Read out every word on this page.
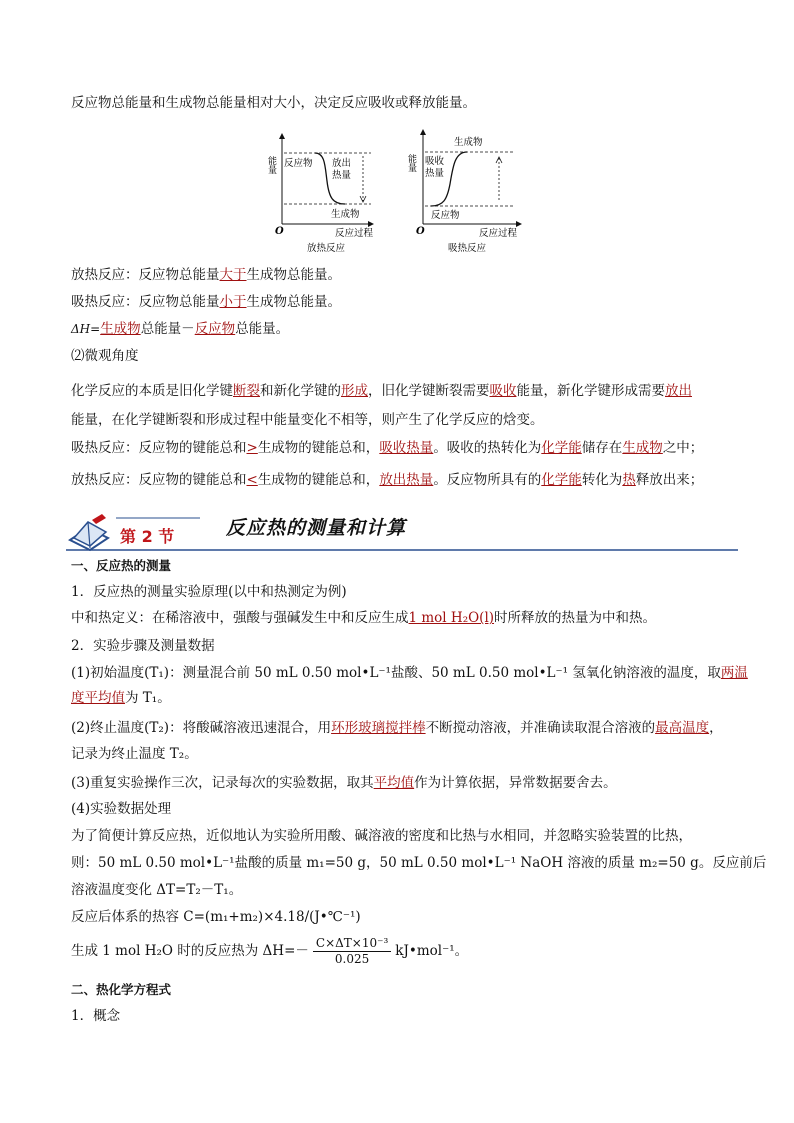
反应物总能量和生成物总能量相对大小，决定反应吸收或释放能量。
能量 反应物 放出
热量
生成物
O	反应过程
放热反应
能量
生成物
吸收
热量
反应物
O	反应过程
吸热反应
放热反应：反应物总能量大于生成物总能量。
吸热反应：反应物总能量小于生成物总能量。
ΔH=生成物总能量－反应物总能量。
⑵微观角度
化学反应的本质是旧化学键断裂和新化学键的形成，旧化学键断裂需要吸收能量，新化学键形成需要放出
能量，在化学键断裂和形成过程中能量变化不相等，则产生了化学反应的焓变。
吸热反应：反应物的键能总和>生成物的键能总和，吸收热量。吸收的热转化为化学能储存在生成物之中；
放热反应：反应物的键能总和<生成物的键能总和，放出热量。反应物所具有的化学能转化为热释放出来；
第 2 节	反应热的测量和计算
一、反应热的测量
1．反应热的测量实验原理(以中和热测定为例)
中和热定义：在稀溶液中，强酸与强碱发生中和反应生成1 mol H₂O(l)时所释放的热量为中和热。
2．实验步骤及测量数据
(1)初始温度(T₁)：测量混合前 50 mL 0.50 mol•L⁻¹盐酸、50 mL 0.50 mol•L⁻¹ 氢氧化钠溶液的温度，取两温
度平均值为 T₁。
(2)终止温度(T₂)：将酸碱溶液迅速混合，用环形玻璃搅拌棒不断搅动溶液，并准确读取混合溶液的最高温度，
记录为终止温度 T₂。
(3)重复实验操作三次，记录每次的实验数据，取其平均值作为计算依据，异常数据要舍去。
(4)实验数据处理
为了简便计算反应热，近似地认为实验所用酸、碱溶液的密度和比热与水相同，并忽略实验装置的比热，
则：50 mL 0.50 mol•L⁻¹盐酸的质量 m₁=50 g，50 mL 0.50 mol•L⁻¹ NaOH 溶液的质量 m₂=50 g。反应前后
溶液温度变化 ΔT=T₂－T₁。
反应后体系的热容 C=(m₁+m₂)×4.18/(J•℃⁻¹)
生成 1 mol H₂O 时的反应热为 $\Delta H=- \frac{\text{C×ΔT×10⁻³}}{0.025}$ kJ•mol⁻¹。
二、热化学方程式
1．概念
